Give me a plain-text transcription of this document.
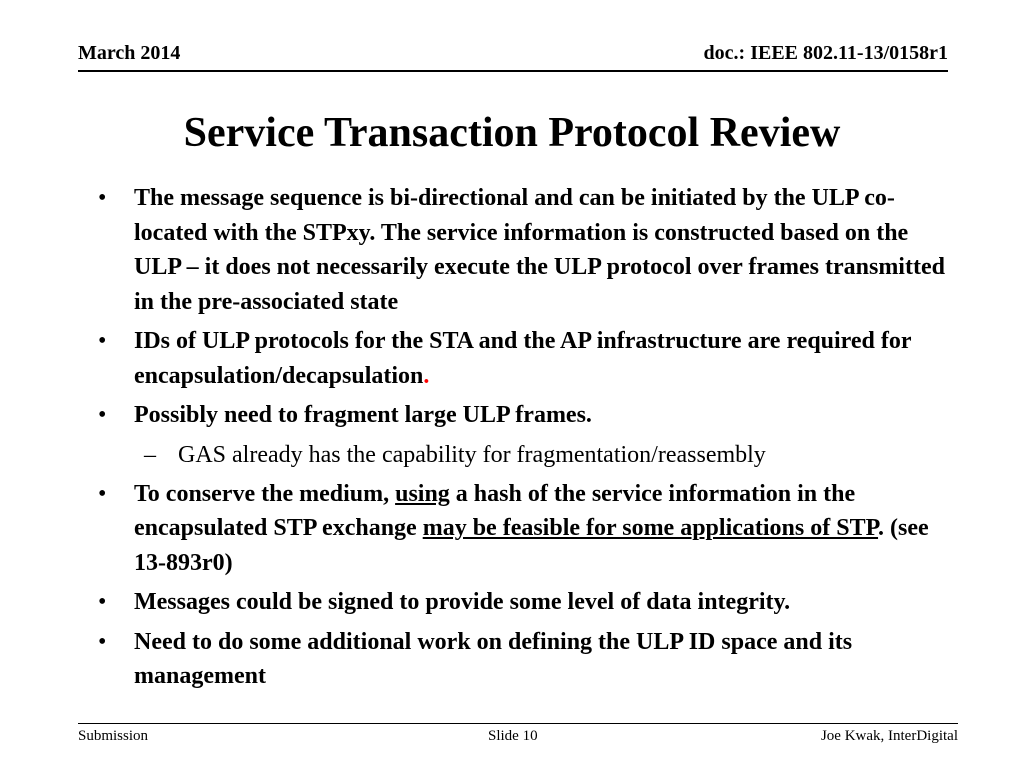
March 2014	doc.: IEEE 802.11-13/0158r1
Service Transaction Protocol Review
• The message sequence is bi-directional and can be initiated by the ULP co-located with the STPxy. The service information is constructed based on the ULP – it does not necessarily execute the ULP protocol over frames transmitted in the pre-associated state
• IDs of ULP protocols for the STA and the AP infrastructure are required for encapsulation/decapsulation.
• Possibly need to fragment large ULP frames.
– GAS already has the capability for fragmentation/reassembly
• To conserve the medium, using a hash of the service information in the encapsulated STP exchange may be feasible for some applications of STP. (see 13-893r0)
• Messages could be signed to provide some level of data integrity.
• Need to do some additional work on defining the ULP ID space and its management
Submission	Slide 10	Joe Kwak, InterDigital
